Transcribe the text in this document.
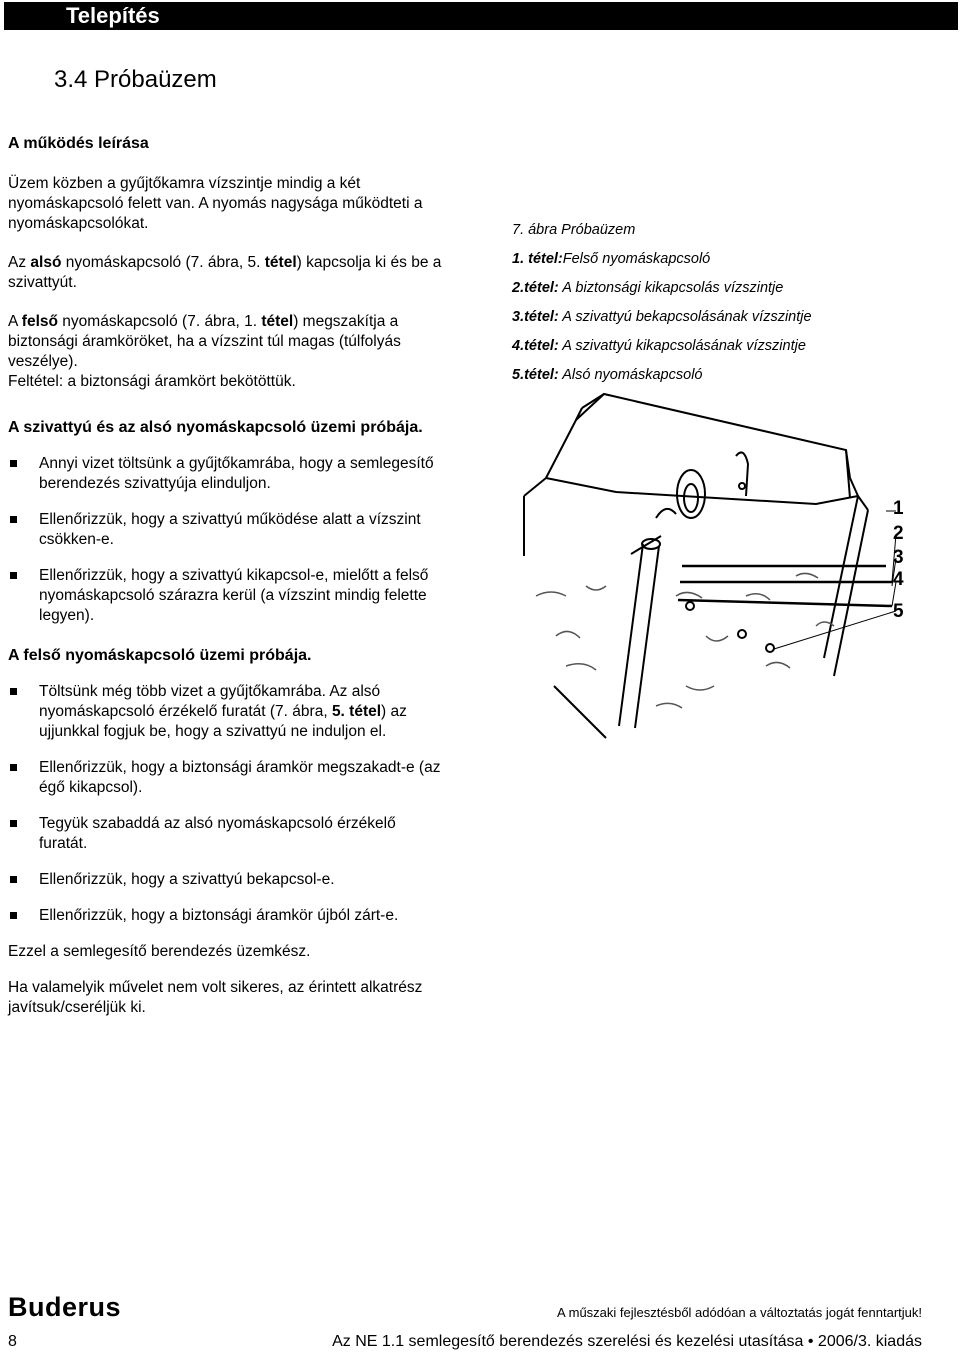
Telepítés
3.4 Próbaüzem

A működés leírása

Üzem közben a gyűjtőkamra vízszintje mindig a két nyomáskapcsoló felett van. A nyomás nagysága működteti a nyomáskapcsolókat.

Az alsó nyomáskapcsoló (7. ábra, 5. tétel) kapcsolja ki és be a szivattyút.

A felső nyomáskapcsoló (7. ábra, 1. tétel) megszakítja a biztonsági áramköröket, ha a vízszint túl magas (túlfolyás veszélye).

Feltétel: a biztonsági áramkört bekötöttük.

A szivattyú és az alsó nyomáskapcsoló üzemi próbája.

Annyi vizet töltsünk a gyűjtőkamrába, hogy a semlegesítő berendezés szivattyúja elinduljon.
Ellenőrizzük, hogy a szivattyú működése alatt a vízszint csökken-e.
Ellenőrizzük, hogy a szivattyú kikapcsol-e, mielőtt a felső nyomáskapcsoló szárazra kerül (a vízszint mindig felette legyen).

A felső nyomáskapcsoló üzemi próbája.

Töltsünk még több vizet a gyűjtőkamrába. Az alsó nyomáskapcsoló érzékelő furatát (7. ábra, 5. tétel) az ujjunkkal fogjuk be, hogy a szivattyú ne induljon el.
Ellenőrizzük, hogy a biztonsági áramkör megszakadt-e (az égő kikapcsol).
Tegyük szabaddá az alsó nyomáskapcsoló érzékelő furatát.
Ellenőrizzük, hogy a szivattyú bekapcsol-e.
Ellenőrizzük, hogy a biztonsági áramkör újból zárt-e.

Ezzel a semlegesítő berendezés üzemkész.

Ha valamelyik művelet nem volt sikeres, az érintett alkatrész javítsuk/cseréljük ki.

7. ábra Próbaüzem
1. tétel:Felső nyomáskapcsoló
2.tétel: A biztonsági kikapcsolás vízszintje
3.tétel: A szivattyú bekapcsolásának vízszintje
4.tétel: A szivattyú kikapcsolásának vízszintje
5.tétel: Alsó nyomáskapcsoló
1
2
3
4
5
Buderus	A műszaki fejlesztésből adódóan a változtatás jogát fenntartjuk!
8	Az NE 1.1 semlegesítő berendezés szerelési és kezelési utasítása • 2006/3. kiadás
